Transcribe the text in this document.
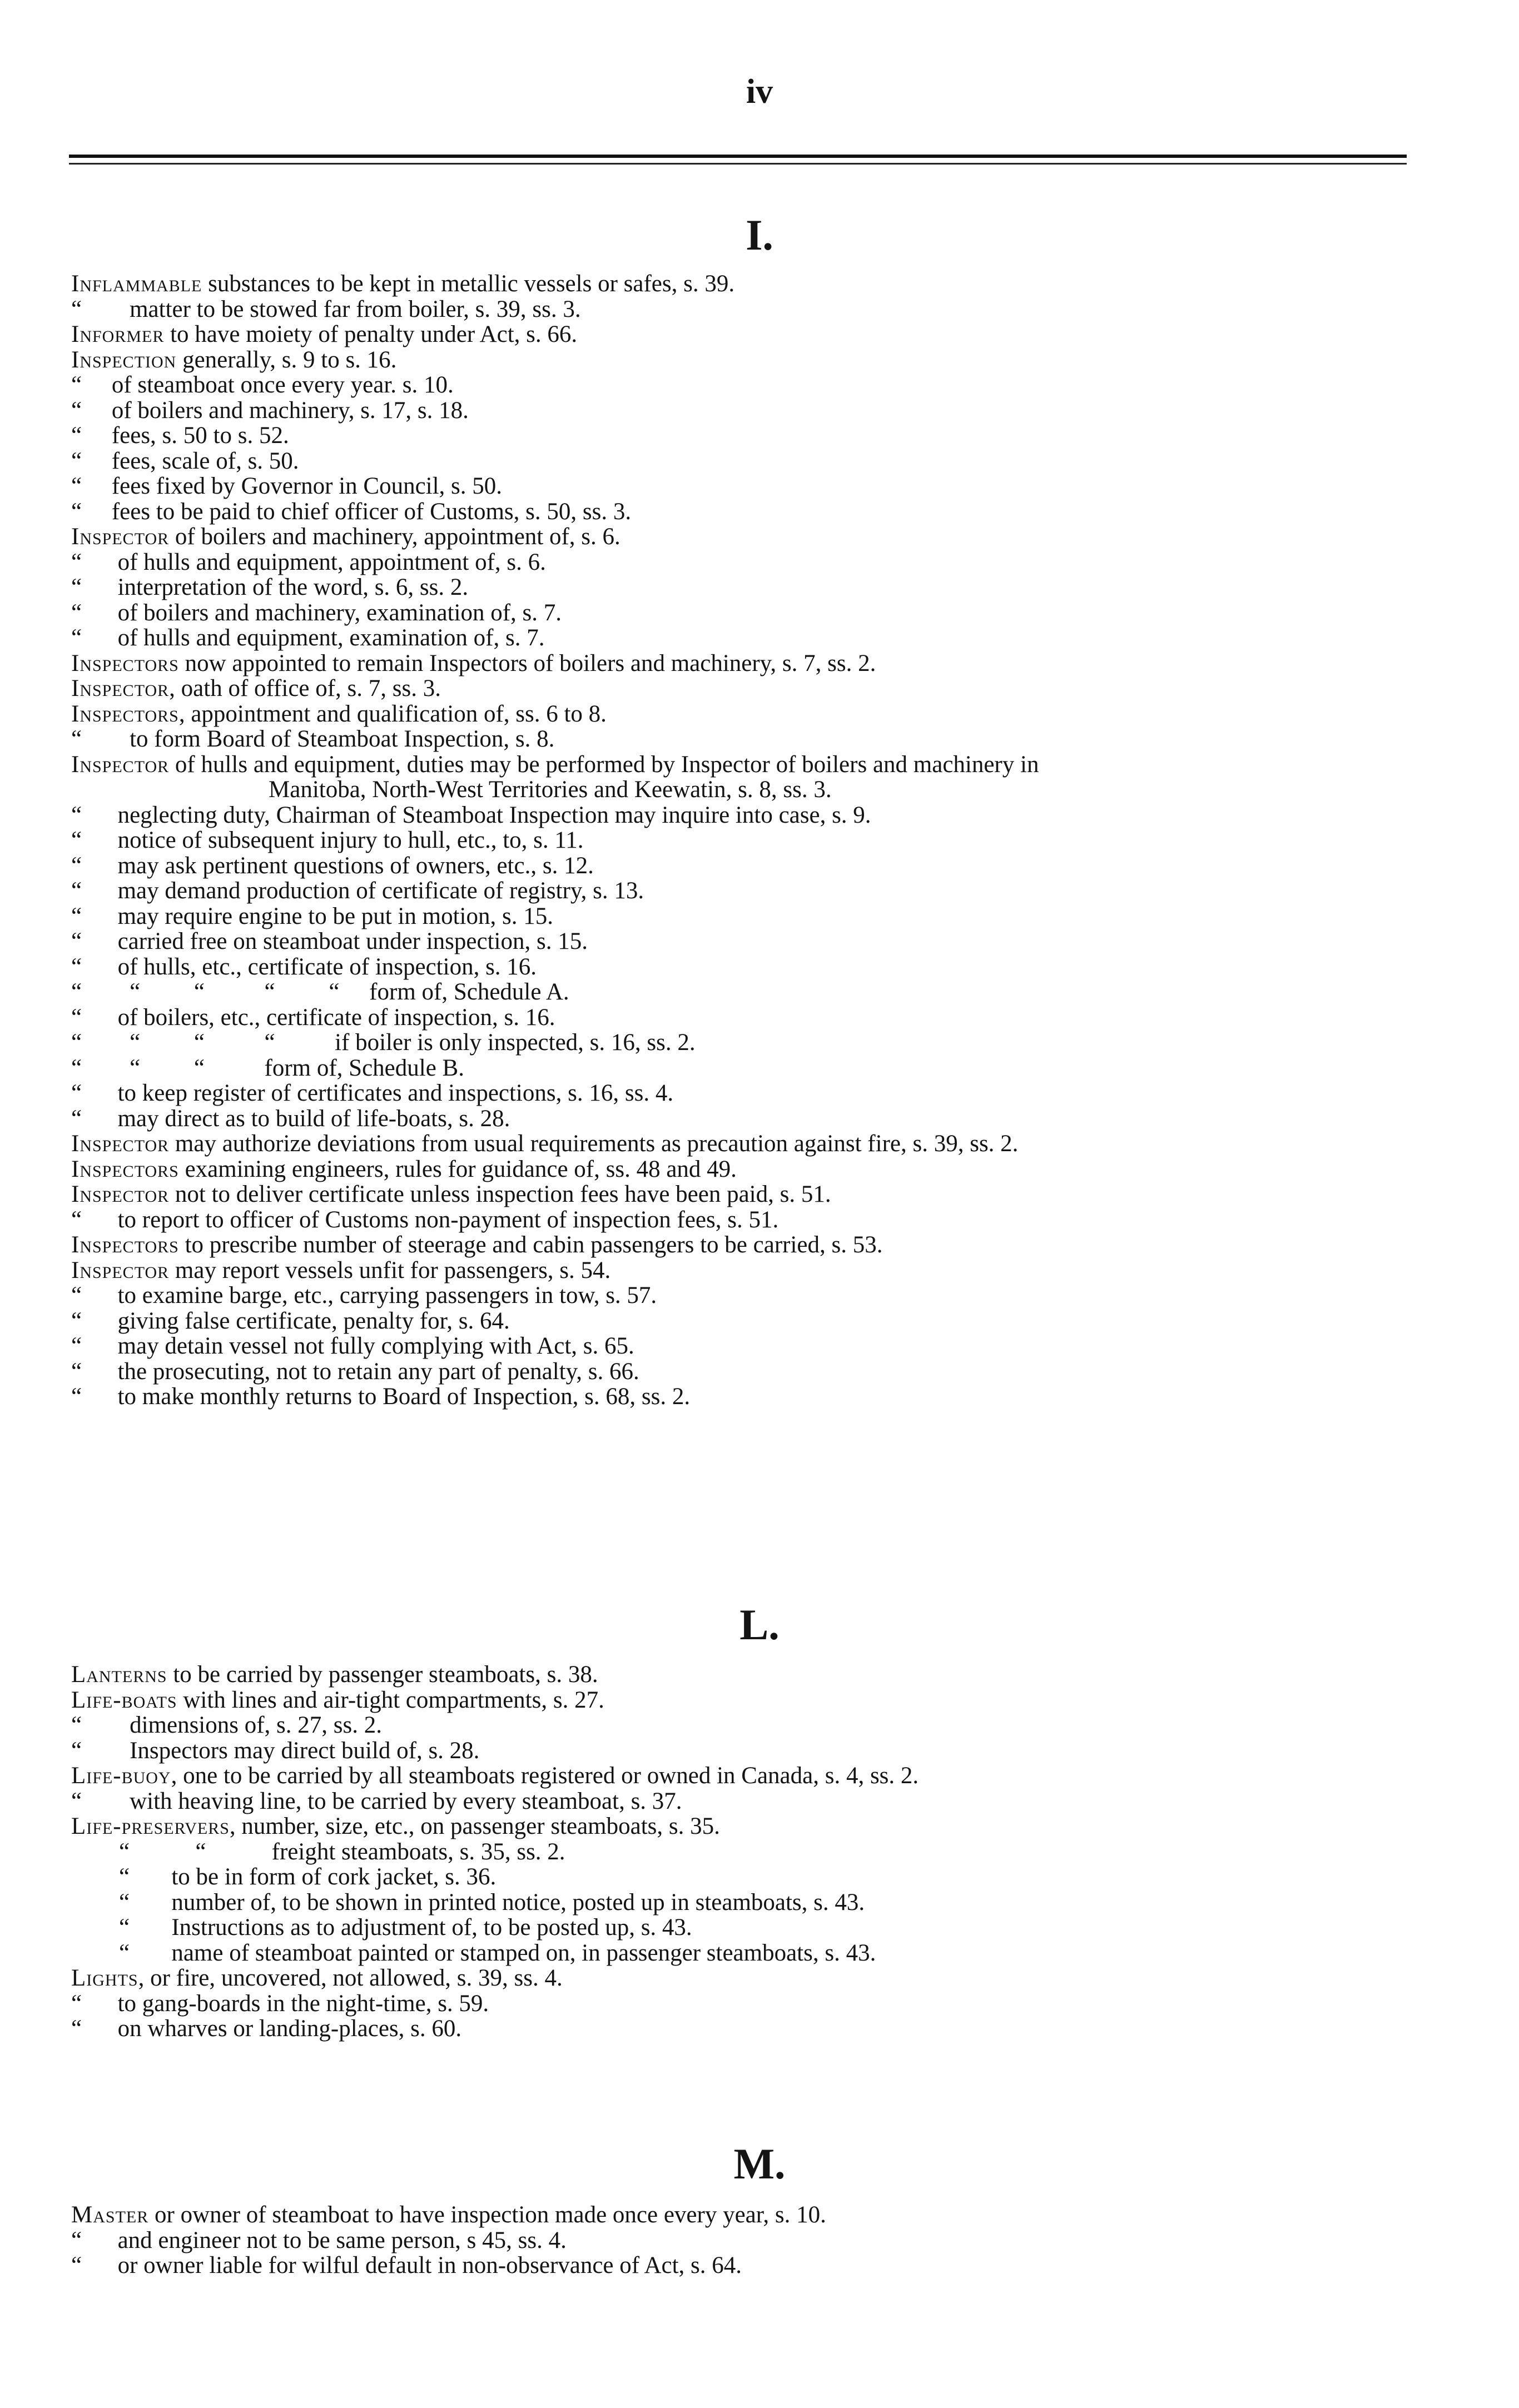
iv
I.
Inflammable substances to be kept in metallic vessels or safes, s. 39.
“        matter to be stowed far from boiler, s. 39, ss. 3.
Informer to have moiety of penalty under Act, s. 66.
Inspection generally, s. 9 to s. 16.
“     of steamboat once every year. s. 10.
“     of boilers and machinery, s. 17, s. 18.
“     fees, s. 50 to s. 52.
“     fees, scale of, s. 50.
“     fees fixed by Governor in Council, s. 50.
“     fees to be paid to chief officer of Customs, s. 50, ss. 3.
Inspector of boilers and machinery, appointment of, s. 6.
“      of hulls and equipment, appointment of, s. 6.
“      interpretation of the word, s. 6, ss. 2.
“      of boilers and machinery, examination of, s. 7.
“      of hulls and equipment, examination of, s. 7.
Inspectors now appointed to remain Inspectors of boilers and machinery, s. 7, ss. 2.
Inspector, oath of office of, s. 7, ss. 3.
Inspectors, appointment and qualification of, ss. 6 to 8.
“        to form Board of Steamboat Inspection, s. 8.
Inspector of hulls and equipment, duties may be performed by Inspector of boilers and machinery in
Manitoba, North-West Territories and Keewatin, s. 8, ss. 3.
“      neglecting duty, Chairman of Steamboat Inspection may inquire into case, s. 9.
“      notice of subsequent injury to hull, etc., to, s. 11.
“      may ask pertinent questions of owners, etc., s. 12.
“      may demand production of certificate of registry, s. 13.
“      may require engine to be put in motion, s. 15.
“      carried free on steamboat under inspection, s. 15.
“      of hulls, etc., certificate of inspection, s. 16.
“        “         “          “         “     form of, Schedule A.
“      of boilers, etc., certificate of inspection, s. 16.
“        “         “          “          if boiler is only inspected, s. 16, ss. 2.
“        “         “          form of, Schedule B.
“      to keep register of certificates and inspections, s. 16, ss. 4.
“      may direct as to build of life-boats, s. 28.
Inspector may authorize deviations from usual requirements as precaution against fire, s. 39, ss. 2.
Inspectors examining engineers, rules for guidance of, ss. 48 and 49.
Inspector not to deliver certificate unless inspection fees have been paid, s. 51.
“      to report to officer of Customs non-payment of inspection fees, s. 51.
Inspectors to prescribe number of steerage and cabin passengers to be carried, s. 53.
Inspector may report vessels unfit for passengers, s. 54.
“      to examine barge, etc., carrying passengers in tow, s. 57.
“      giving false certificate, penalty for, s. 64.
“      may detain vessel not fully complying with Act, s. 65.
“      the prosecuting, not to retain any part of penalty, s. 66.
“      to make monthly returns to Board of Inspection, s. 68, ss. 2.
L.
Lanterns to be carried by passenger steamboats, s. 38.
Life-boats with lines and air-tight compartments, s. 27.
“        dimensions of, s. 27, ss. 2.
“        Inspectors may direct build of, s. 28.
Life-buoy, one to be carried by all steamboats registered or owned in Canada, s. 4, ss. 2.
“        with heaving line, to be carried by every steamboat, s. 37.
Life-preservers, number, size, etc., on passenger steamboats, s. 35.
“           “           freight steamboats, s. 35, ss. 2.
“       to be in form of cork jacket, s. 36.
“       number of, to be shown in printed notice, posted up in steamboats, s. 43.
“       Instructions as to adjustment of, to be posted up, s. 43.
“       name of steamboat painted or stamped on, in passenger steamboats, s. 43.
Lights, or fire, uncovered, not allowed, s. 39, ss. 4.
“      to gang-boards in the night-time, s. 59.
“      on wharves or landing-places, s. 60.
M.
Master or owner of steamboat to have inspection made once every year, s. 10.
“      and engineer not to be same person, s 45, ss. 4.
“      or owner liable for wilful default in non-observance of Act, s. 64.
